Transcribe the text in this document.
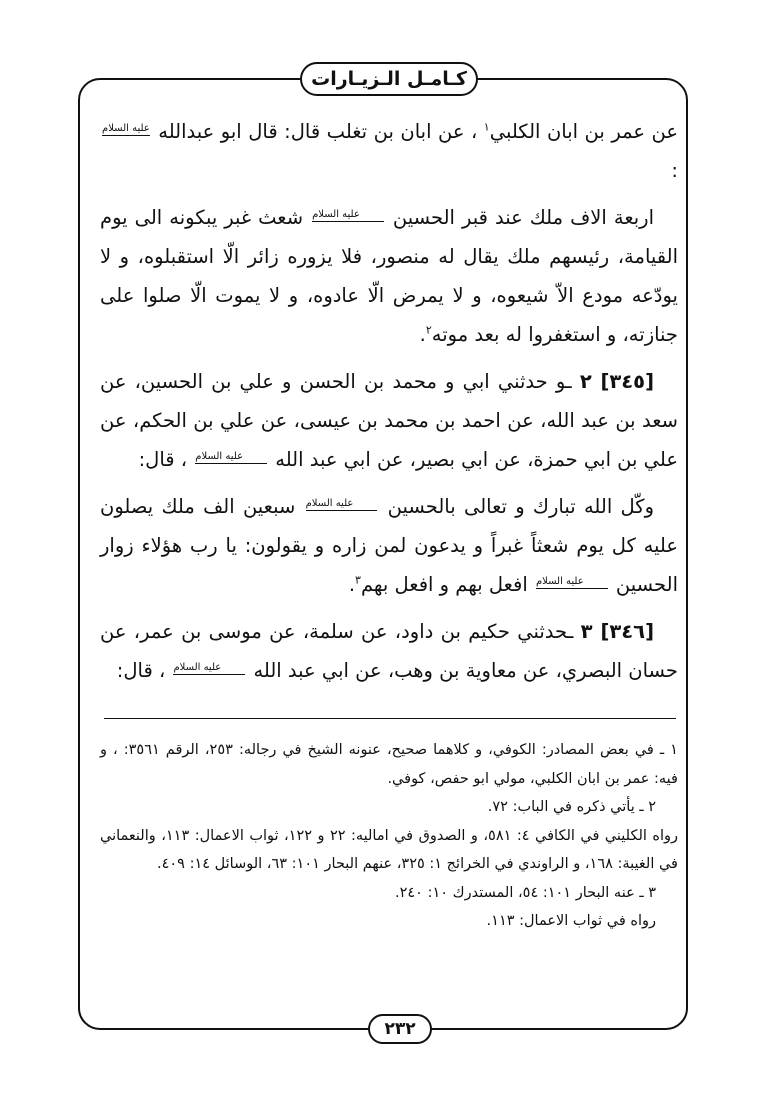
كـامـل الـزيـارات

عن عمر بن ابان الكلبي$^١$ ، عن ابان بن تغلب قال: قال ابو عبدالله عليه السلام :

اربعة الاف ملك عند قبر الحسين عليه السلام شعث غبر يبكونه الى يوم القيامة، رئيسهم ملك يقال له منصور، فلا يزوره زائر الّا استقبلوه، و لا يودّعه مودع الاّ شيعوه، و لا يمرض الّا عادوه، و لا يموت الّا صلوا على جنازته، و استغفروا له بعد موته$^٢$.

[٣٤٥] ٢ ـو حدثني ابي و محمد بن الحسن و علي بن الحسين، عن سعد بن عبد الله، عن احمد بن محمد بن عيسى، عن علي بن الحكم، عن علي بن ابي حمزة، عن ابي بصير، عن ابي عبد الله عليه السلام ، قال:

وكّل الله تبارك و تعالى بالحسين عليه السلام سبعين الف ملك يصلون عليه كل يوم شعثاً غبراً و يدعون لمن زاره و يقولون: يا رب هؤلاء زوار الحسين عليه السلام افعل بهم و افعل بهم$^٣$.

[٣٤٦] ٣ ـحدثني حكيم بن داود، عن سلمة، عن موسى بن عمر، عن حسان البصري، عن معاوية بن وهب، عن ابي عبد الله عليه السلام ، قال:

١ ـ في بعض المصادر: الكوفي، و كلاهما صحيح، عنونه الشيخ في رجاله: ٢٥٣، الرقم ٣٥٦١: ، و فيه: عمر بن ابان الكلبي، مولي ابو حفص، كوفي.

٢ ـ يأتي ذكره في الباب: ٧٢.

رواه الكليني في الكافي ٤: ٥٨١، و الصدوق في اماليه: ٢٢ و ١٢٢، ثواب الاعمال: ١١٣، والنعماني في الغيبة: ١٦٨، و الراوندي في الخرائج ١: ٣٢٥، عنهم البحار ١٠١: ٦٣، الوسائل ١٤: ٤٠٩.

٣ ـ عنه البحار ١٠١: ٥٤، المستدرك ١٠: ٢٤٠.

رواه في ثواب الاعمال: ١١٣.

٢٣٢
